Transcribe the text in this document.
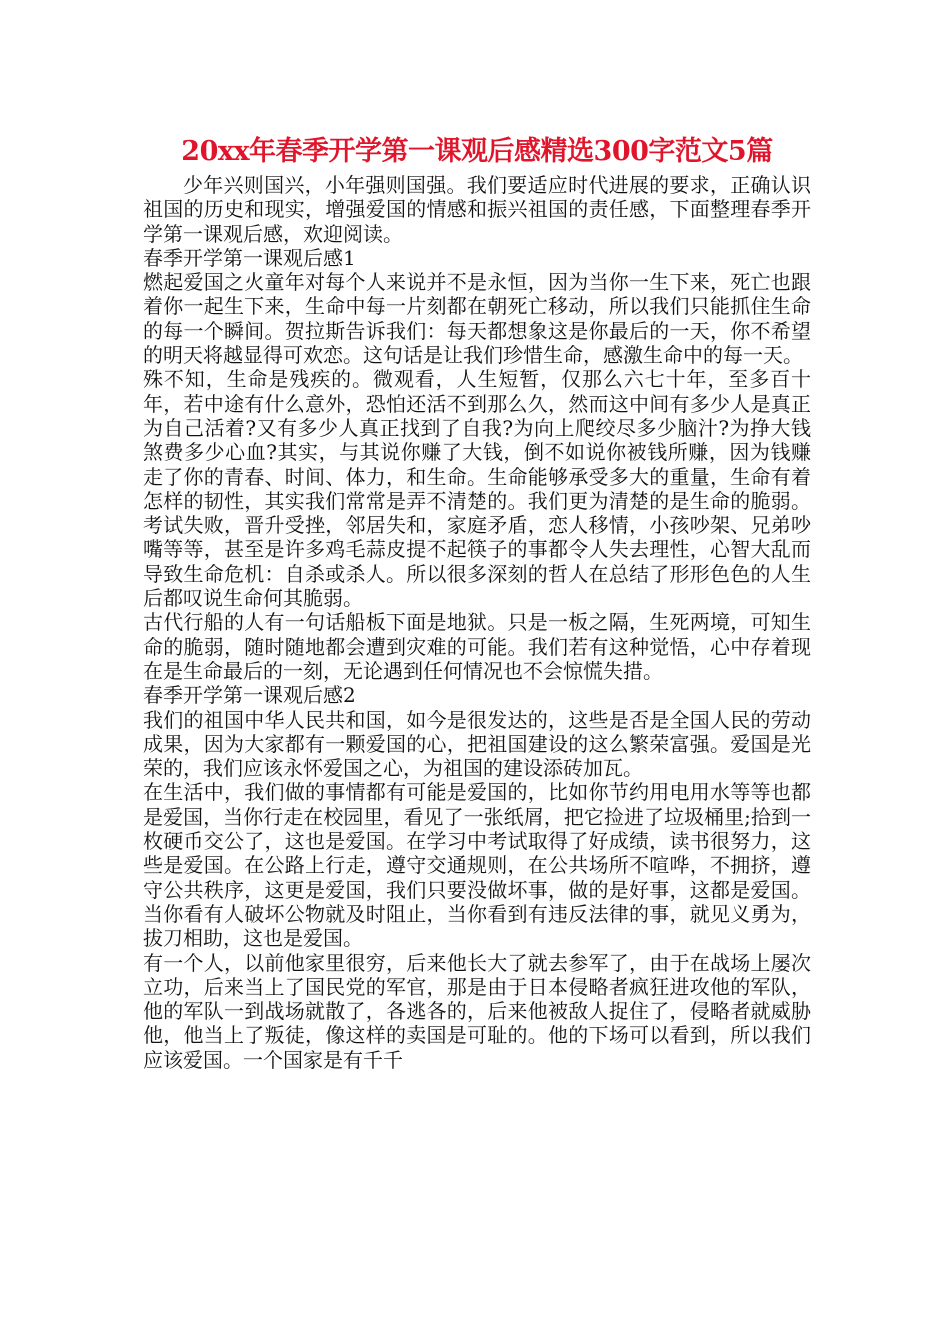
20xx年春季开学第一课观后感精选300字范文5篇

少年兴则国兴，小年强则国强。我们要适应时代进展的要求，正确认识祖国的历史和现实，增强爱国的情感和振兴祖国的责任感，下面整理春季开学第一课观后感，欢迎阅读。

春季开学第一课观后感1

燃起爱国之火童年对每个人来说并不是永恒，因为当你一生下来，死亡也跟着你一起生下来，生命中每一片刻都在朝死亡移动，所以我们只能抓住生命的每一个瞬间。贺拉斯告诉我们：每天都想象这是你最后的一天，你不希望的明天将越显得可欢恋。这句话是让我们珍惜生命，感激生命中的每一天。

殊不知，生命是残疾的。微观看，人生短暂，仅那么六七十年，至多百十年，若中途有什么意外，恐怕还活不到那么久，然而这中间有多少人是真正为自己活着?又有多少人真正找到了自我?为向上爬绞尽多少脑汁?为挣大钱煞费多少心血?其实，与其说你赚了大钱，倒不如说你被钱所赚，因为钱赚走了你的青春、时间、体力，和生命。生命能够承受多大的重量，生命有着怎样的韧性，其实我们常常是弄不清楚的。我们更为清楚的是生命的脆弱。考试失败，晋升受挫，邻居失和，家庭矛盾，恋人移情，小孩吵架、兄弟吵嘴等等，甚至是许多鸡毛蒜皮提不起筷子的事都令人失去理性，心智大乱而导致生命危机：自杀或杀人。所以很多深刻的哲人在总结了形形色色的人生后都叹说生命何其脆弱。

古代行船的人有一句话船板下面是地狱。只是一板之隔，生死两境，可知生命的脆弱，随时随地都会遭到灾难的可能。我们若有这种觉悟，心中存着现在是生命最后的一刻，无论遇到任何情况也不会惊慌失措。

春季开学第一课观后感2

我们的祖国中华人民共和国，如今是很发达的，这些是否是全国人民的劳动成果，因为大家都有一颗爱国的心，把祖国建设的这么繁荣富强。爱国是光荣的，我们应该永怀爱国之心，为祖国的建设添砖加瓦。

在生活中，我们做的事情都有可能是爱国的，比如你节约用电用水等等也都是爱国，当你行走在校园里，看见了一张纸屑，把它捡进了垃圾桶里;拾到一枚硬币交公了，这也是爱国。在学习中考试取得了好成绩，读书很努力，这些是爱国。在公路上行走，遵守交通规则，在公共场所不喧哗，不拥挤，遵守公共秩序，这更是爱国，我们只要没做坏事，做的是好事，这都是爱国。当你看有人破坏公物就及时阻止，当你看到有违反法律的事，就见义勇为，拔刀相助，这也是爱国。

有一个人，以前他家里很穷，后来他长大了就去参军了，由于在战场上屡次立功，后来当上了国民党的军官，那是由于日本侵略者疯狂进攻他的军队，他的军队一到战场就散了，各逃各的，后来他被敌人捉住了，侵略者就威胁他，他当上了叛徒，像这样的卖国是可耻的。他的下场可以看到，所以我们应该爱国。一个国家是有千千
